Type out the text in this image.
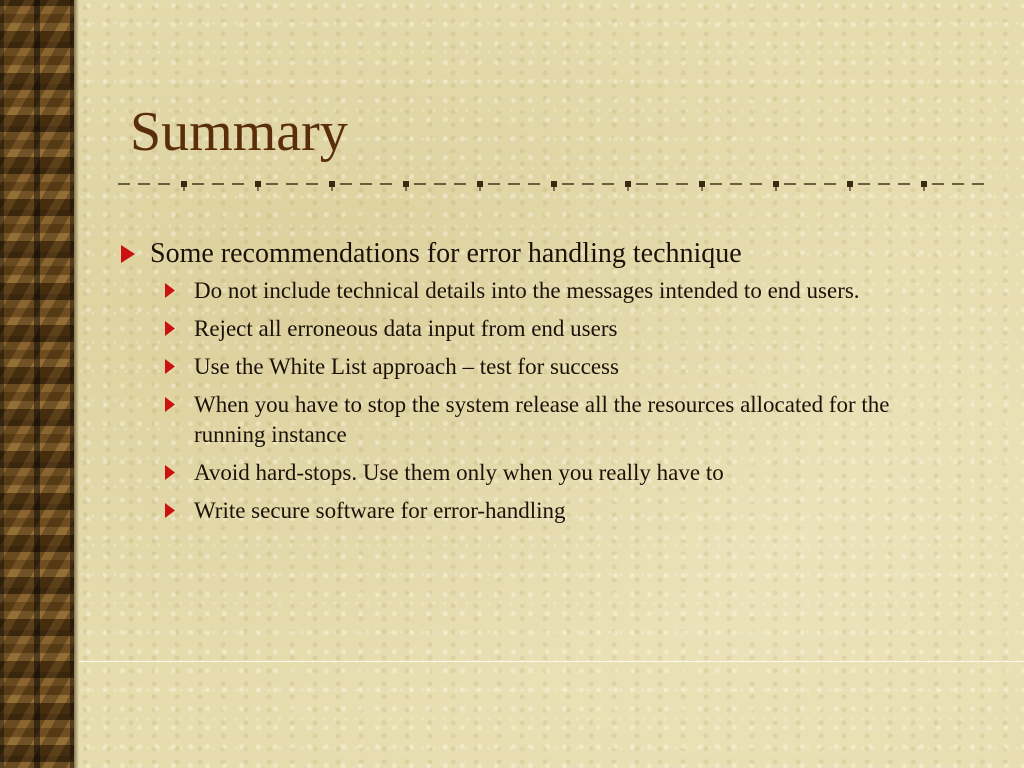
Summary
Some recommendations for error handling technique
Do not include technical details into the messages intended to end users.
Reject all erroneous data input from end users
Use the White List approach – test for success
When you have to stop the system release all the resources allocated for the running instance
Avoid hard-stops. Use them only when you really have to
Write secure software for error-handling
